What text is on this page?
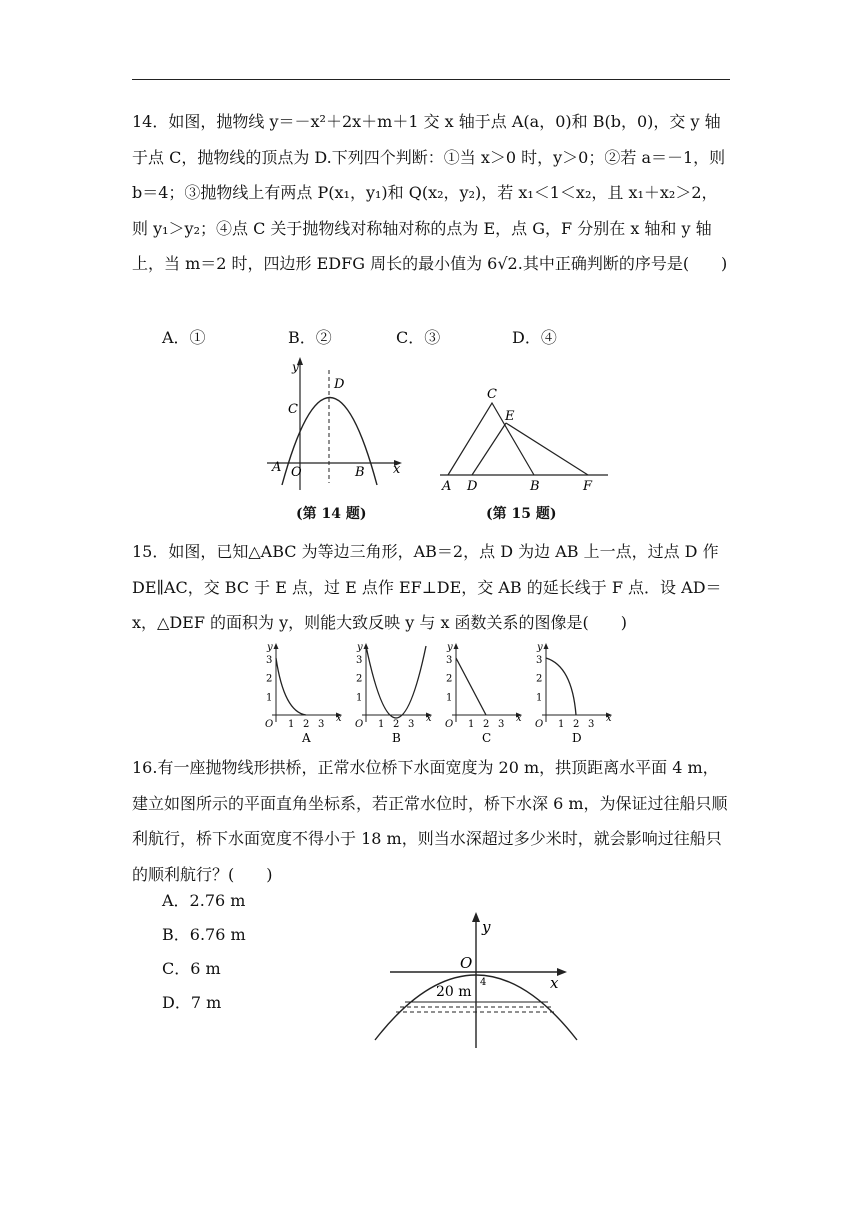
14．如图，抛物线 y＝－x²＋2x＋m＋1 交 x 轴于点 A(a，0)和 B(b，0)，交 y 轴于点 C，抛物线的顶点为 D.下列四个判断：①当 x＞0 时，y＞0；②若 a＝－1，则 b＝4；③抛物线上有两点 P(x₁，y₁)和 Q(x₂，y₂)，若 x₁＜1＜x₂，且 x₁＋x₂＞2，则 y₁＞y₂；④点 C 关于抛物线对称轴对称的点为 E，点 G，F 分别在 x 轴和 y 轴上，当 m＝2 时，四边形 EDFG 周长的最小值为 6√2.其中正确判断的序号是(　　)

A．①	B．②	C．③	D．④
y
D
C
A O	B x
(第 14 题)
C
E
A D	B	F
(第 15 题)

15．如图，已知△ABC 为等边三角形，AB＝2，点 D 为边 AB 上一点，过点 D 作 DE∥AC，交 BC 于 E 点，过 E 点作 EF⊥DE，交 AB 的延长线于 F 点．设 AD＝x，△DEF 的面积为 y，则能大致反映 y 与 x 函数关系的图像是(　　)

y
x
3
2
1
O 1 2 3
A
y
x
3
2
1
O 1 2 3
B
y
x
3
2
1
O 1 2 3
C
y
x
3
2
1
O 1 2 3
D

16.有一座抛物线形拱桥，正常水位桥下水面宽度为 20 m，拱顶距离水平面 4 m，建立如图所示的平面直角坐标系，若正常水位时，桥下水深 6 m，为保证过往船只顺利航行，桥下水面宽度不得小于 18 m，则当水深超过多少米时，就会影响过往船只的顺利航行？(　　)

A．2.76 m
B．6.76 m
C．6 m
D．7 m
y
O
x
20 m
4
